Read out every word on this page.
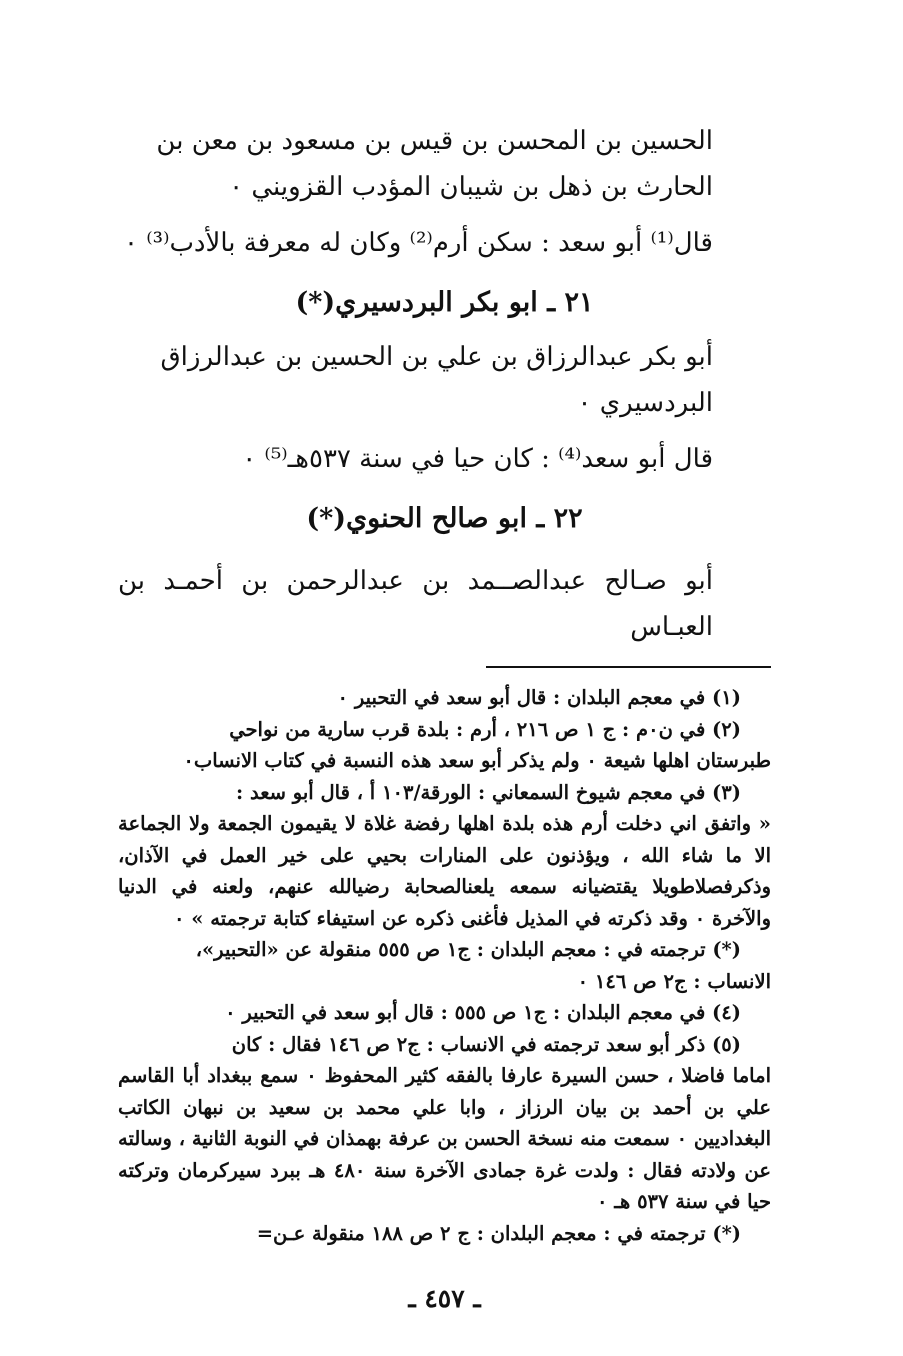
الحسين بن المحسن بن قيس بن مسعود بن معن بن الحارث بن ذهل بن شيبان المؤدب القزويني ٠

قال⁽¹⁾ أبو سعد : سكن أرم⁽²⁾ وكان له معرفة بالأدب⁽³⁾ ٠

٢١ ـ ابو بكر البردسيري(*)

أبو بكر عبدالرزاق بن علي بن الحسين بن عبدالرزاق البردسيري ٠

قال أبو سعد⁽⁴⁾ : كان حيا في سنة ٥٣٧هـ⁽⁵⁾ ٠

٢٢ ـ ابو صالح الحنوي(*)

أبو صـالح عبدالصــمد بن عبدالرحمن بن أحمـد بن العبـاس

(١) في معجم البلدان : قال أبو سعد في التحبير ٠

(٢) في ن٠م : ج ١ ص ٢١٦ ، أرم : بلدة قرب سارية من نواحي

طبرستان اهلها شيعة ٠ ولم يذكر أبو سعد هذه النسبة في كتاب الانساب٠

(٣) في معجم شيوخ السمعاني : الورقة/١٠٣ أ ، قال أبو سعد :

« واتفق اني دخلت أرم هذه بلدة اهلها رفضة غلاة لا يقيمون الجمعة ولا الجماعة الا ما شاء الله ، ويؤذنون على المنارات بحيي على خير العمل في الآذان، وذكرفصلاطويلا يقتضيانه سمعه يلعنالصحابة رضيالله عنهم، ولعنه في الدنيا والآخرة ٠ وقد ذكرته في المذيل فأغنى ذكره عن استيفاء كتابة ترجمته » ٠

(*) ترجمته في : معجم البلدان : ج١ ص ٥٥٥ منقولة عن «التحبير»،

الانساب : ج٢ ص ١٤٦ ٠

(٤) في معجم البلدان : ج١ ص ٥٥٥ : قال أبو سعد في التحبير ٠

(٥) ذكر أبو سعد ترجمته في الانساب : ج٢ ص ١٤٦ فقال : كان

اماما فاضلا ، حسن السيرة عارفا بالفقه كثير المحفوظ ٠ سمع ببغداد أبا القاسم علي بن أحمد بن بيان الرزاز ، وابا علي محمد بن سعيد بن نبهان الكاتب البغداديين ٠ سمعت منه نسخة الحسن بن عرفة بهمذان في النوبة الثانية ، وسالته عن ولادته فقال : ولدت غرة جمادى الآخرة سنة ٤٨٠ هـ ببرد سيركرمان وتركته حيا في سنة ٥٣٧ هـ ٠

(*) ترجمته في : معجم البلدان : ج ٢ ص ١٨٨ منقولة عـن=

ـ ٤٥٧ ـ
